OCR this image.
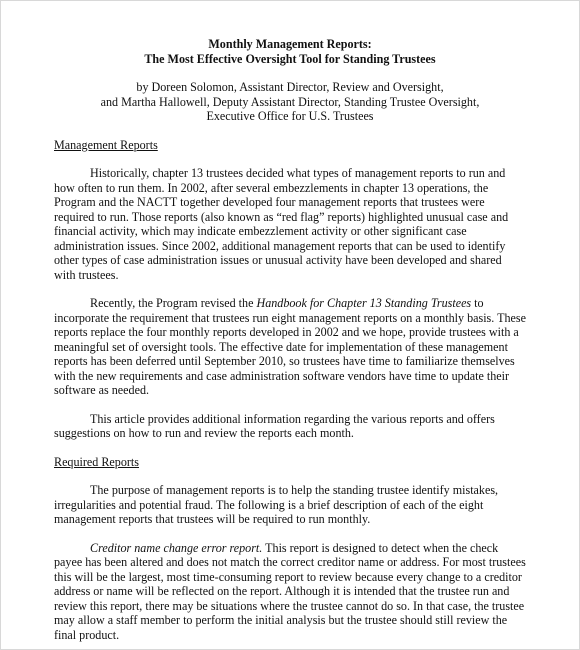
Monthly Management Reports:
The Most Effective Oversight Tool for Standing Trustees

by Doreen Solomon, Assistant Director, Review and Oversight,
and Martha Hallowell, Deputy Assistant Director, Standing Trustee Oversight,
Executive Office for U.S. Trustees

Management Reports

Historically, chapter 13 trustees decided what types of management reports to run and how often to run them. In 2002, after several embezzlements in chapter 13 operations, the Program and the NACTT together developed four management reports that trustees were required to run. Those reports (also known as “red flag” reports) highlighted unusual case and financial activity, which may indicate embezzlement activity or other significant case administration issues. Since 2002, additional management reports that can be used to identify other types of case administration issues or unusual activity have been developed and shared with trustees.

Recently, the Program revised the Handbook for Chapter 13 Standing Trustees to incorporate the requirement that trustees run eight management reports on a monthly basis. These reports replace the four monthly reports developed in 2002 and we hope, provide trustees with a meaningful set of oversight tools. The effective date for implementation of these management reports has been deferred until September 2010, so trustees have time to familiarize themselves with the new requirements and case administration software vendors have time to update their software as needed.

This article provides additional information regarding the various reports and offers suggestions on how to run and review the reports each month.

Required Reports

The purpose of management reports is to help the standing trustee identify mistakes, irregularities and potential fraud. The following is a brief description of each of the eight management reports that trustees will be required to run monthly.

Creditor name change error report. This report is designed to detect when the check payee has been altered and does not match the correct creditor name or address. For most trustees this will be the largest, most time-consuming report to review because every change to a creditor address or name will be reflected on the report. Although it is intended that the trustee run and review this report, there may be situations where the trustee cannot do so. In that case, the trustee may allow a staff member to perform the initial analysis but the trustee should still review the final product.
